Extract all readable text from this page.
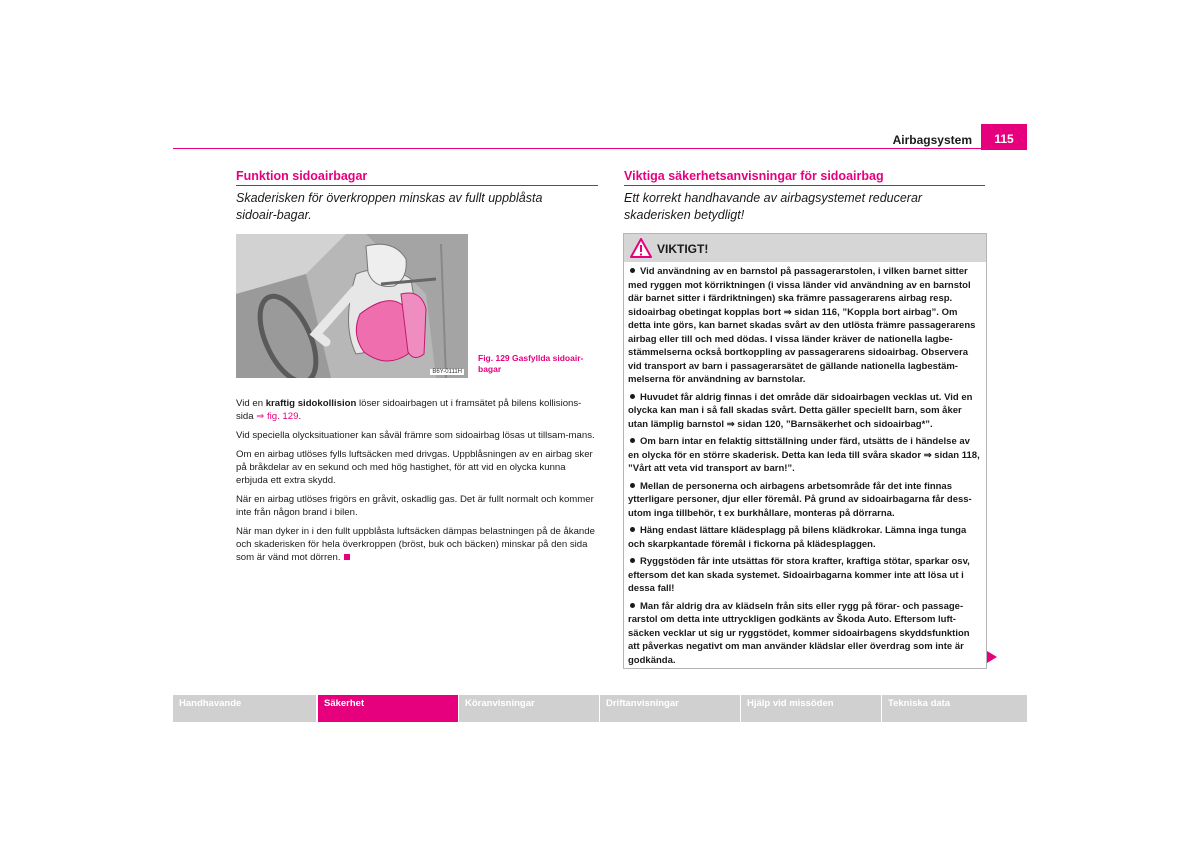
Airbagsystem	115
Funktion sidoairbagar
Skaderisken för överkroppen minskas av fullt uppblåsta sidoair-bagar.
B6Y-0111H
Fig. 129 Gasfyllda sidoair-bagar

Vid en kraftig sidokollision löser sidoairbagen ut i framsätet på bilens kollisions-sida ⇒ fig. 129.

Vid speciella olycksituationer kan såväl främre som sidoairbag lösas ut tillsam-mans.

Om en airbag utlöses fylls luftsäcken med drivgas. Uppblåsningen av en airbag sker på bråkdelar av en sekund och med hög hastighet, för att vid en olycka kunna erbjuda ett extra skydd.

När en airbag utlöses frigörs en gråvit, oskadlig gas. Det är fullt normalt och kommer inte från någon brand i bilen.

När man dyker in i den fullt uppblåsta luftsäcken dämpas belastningen på de åkande och skaderisken för hela överkroppen (bröst, buk och bäcken) minskar på den sida som är vänd mot dörren.

Viktiga säkerhetsanvisningar för sidoairbag
Ett korrekt handhavande av airbagsystemet reducerar skaderisken betydligt!
VIKTIGT!

Vid användning av en barnstol på passagerarstolen, i vilken barnet sitter med ryggen mot körriktningen (i vissa länder vid användning av en barnstol där barnet sitter i färdriktningen) ska främre passagerarens airbag resp. sidoairbag obetingat kopplas bort ⇒ sidan 116, ”Koppla bort airbag”. Om detta inte görs, kan barnet skadas svårt av den utlösta främre passagerarens airbag eller till och med dödas. I vissa länder kräver de nationella lagbe-stämmelserna också bortkoppling av passagerarens sidoairbag. Observera vid transport av barn i passagerarsätet de gällande nationella lagbestäm-melserna för användning av barnstolar.

Huvudet får aldrig finnas i det område där sidoairbagen vecklas ut. Vid en olycka kan man i så fall skadas svårt. Detta gäller speciellt barn, som åker utan lämplig barnstol ⇒ sidan 120, ”Barnsäkerhet och sidoairbag*”.

Om barn intar en felaktig sittställning under färd, utsätts de i händelse av en olycka för en större skaderisk. Detta kan leda till svåra skador ⇒ sidan 118, ”Vårt att veta vid transport av barn!”.

Mellan de personerna och airbagens arbetsområde får det inte finnas ytterligare personer, djur eller föremål. På grund av sidoairbagarna får dess-utom inga tillbehör, t ex burkhållare, monteras på dörrarna.

Häng endast lättare klädesplagg på bilens klädkrokar. Lämna inga tunga och skarpkantade föremål i fickorna på klädesplaggen.

Ryggstöden får inte utsättas för stora krafter, kraftiga stötar, sparkar osv, eftersom det kan skada systemet. Sidoairbagarna kommer inte att lösa ut i dessa fall!

Man får aldrig dra av klädseln från sits eller rygg på förar- och passage-rarstol om detta inte uttryckligen godkänts av Škoda Auto. Eftersom luft-säcken vecklar ut sig ur ryggstödet, kommer sidoairbagens skyddsfunktion att påverkas negativt om man använder klädslar eller överdrag som inte är godkända.

Handhavande	Säkerhet	Köranvisningar	Driftanvisningar	Hjälp vid missöden	Tekniska data
